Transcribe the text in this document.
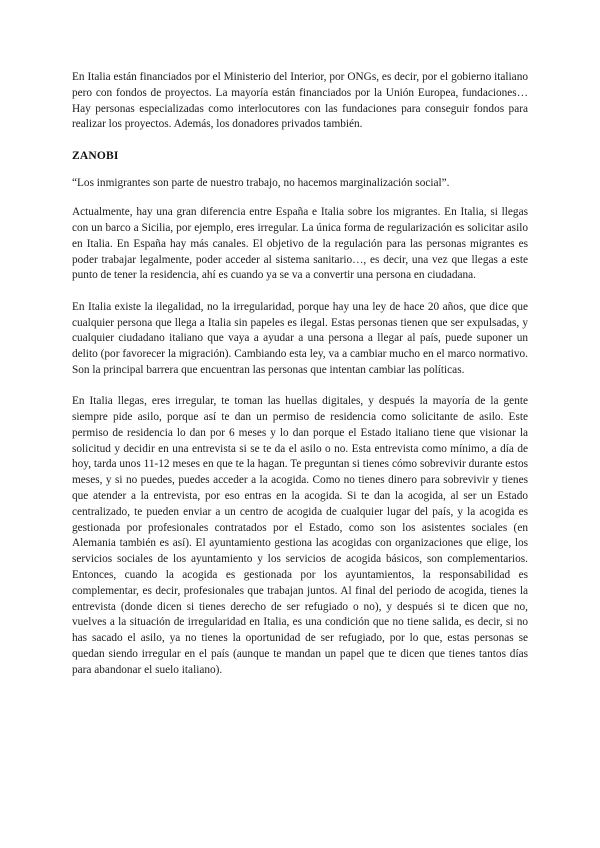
En Italia están financiados por el Ministerio del Interior, por ONGs, es decir, por el gobierno italiano pero con fondos de proyectos. La mayoría están financiados por la Unión Europea, fundaciones… Hay personas especializadas como interlocutores con las fundaciones para conseguir fondos para realizar los proyectos. Además, los donadores privados también.

ZANOBI

“Los inmigrantes son parte de nuestro trabajo, no hacemos marginalización social”.

Actualmente, hay una gran diferencia entre España e Italia sobre los migrantes. En Italia, si llegas con un barco a Sicilia, por ejemplo, eres irregular. La única forma de regularización es solicitar asilo en Italia. En España hay más canales. El objetivo de la regulación para las personas migrantes es poder trabajar legalmente, poder acceder al sistema sanitario…, es decir, una vez que llegas a este punto de tener la residencia, ahí es cuando ya se va a convertir una persona en ciudadana.

En Italia existe la ilegalidad, no la irregularidad, porque hay una ley de hace 20 años, que dice que cualquier persona que llega a Italia sin papeles es ilegal. Estas personas tienen que ser expulsadas, y cualquier ciudadano italiano que vaya a ayudar a una persona a llegar al país, puede suponer un delito (por favorecer la migración). Cambiando esta ley, va a cambiar mucho en el marco normativo. Son la principal barrera que encuentran las personas que intentan cambiar las políticas.

En Italia llegas, eres irregular, te toman las huellas digitales, y después la mayoría de la gente siempre pide asilo, porque así te dan un permiso de residencia como solicitante de asilo. Este permiso de residencia lo dan por 6 meses y lo dan porque el Estado italiano tiene que visionar la solicitud y decidir en una entrevista si se te da el asilo o no. Esta entrevista como mínimo, a día de hoy, tarda unos 11-12 meses en que te la hagan. Te preguntan si tienes cómo sobrevivir durante estos meses, y si no puedes, puedes acceder a la acogida. Como no tienes dinero para sobrevivir y tienes que atender a la entrevista, por eso entras en la acogida. Si te dan la acogida, al ser un Estado centralizado, te pueden enviar a un centro de acogida de cualquier lugar del país, y la acogida es gestionada por profesionales contratados por el Estado, como son los asistentes sociales (en Alemania también es así). El ayuntamiento gestiona las acogidas con organizaciones que elige, los servicios sociales de los ayuntamiento y los servicios de acogida básicos, son complementarios. Entonces, cuando la acogida es gestionada por los ayuntamientos, la responsabilidad es complementar, es decir, profesionales que trabajan juntos. Al final del periodo de acogida, tienes la entrevista (donde dicen si tienes derecho de ser refugiado o no), y después si te dicen que no, vuelves a la situación de irregularidad en Italia, es una condición que no tiene salida, es decir, si no has sacado el asilo, ya no tienes la oportunidad de ser refugiado, por lo que, estas personas se quedan siendo irregular en el país (aunque te mandan un papel que te dicen que tienes tantos días para abandonar el suelo italiano).
